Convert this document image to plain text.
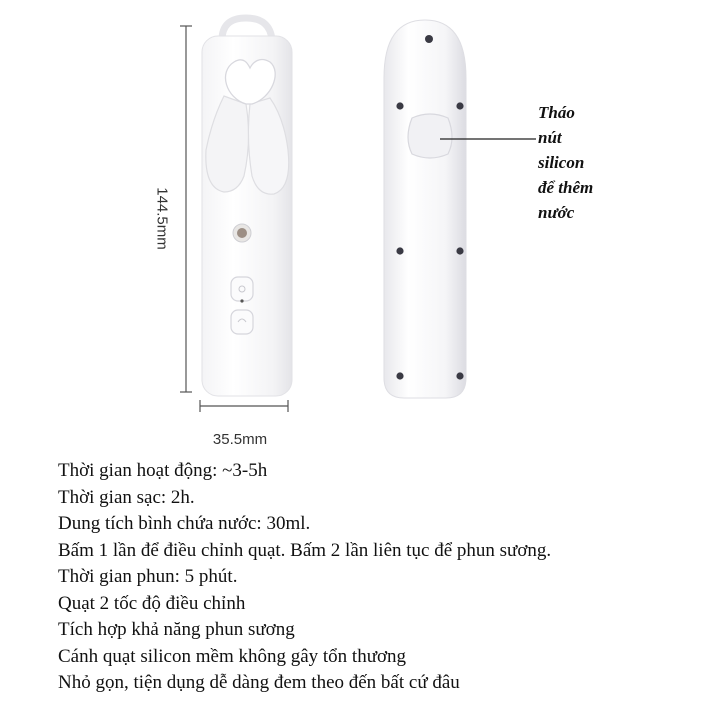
144.5mm
35.5mm
Tháo
nút
silicon
để thêm
nước
Thời gian hoạt động: ~3-5h
Thời gian sạc: 2h.
Dung tích bình chứa nước: 30ml.
Bấm 1 lần để điều chỉnh quạt. Bấm 2 lần liên tục để phun sương.
Thời gian phun: 5 phút.
Quạt 2 tốc độ điều chỉnh
Tích hợp khả năng phun sương
Cánh quạt silicon mềm không gây tổn thương
Nhỏ gọn, tiện dụng dễ dàng đem theo đến bất cứ đâu
